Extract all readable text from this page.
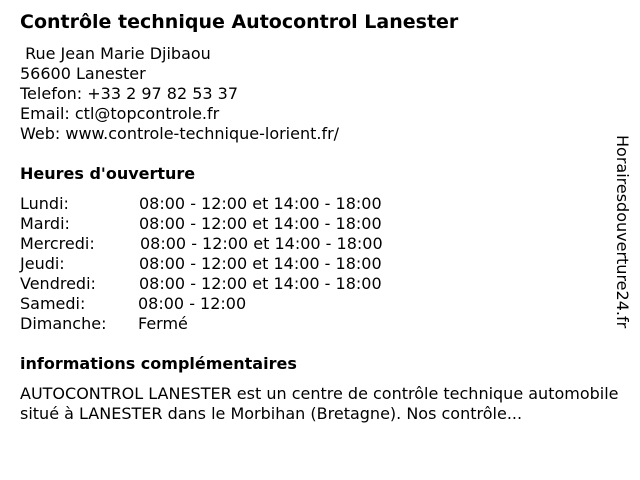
Contrôle technique Autocontrol Lanester
Rue Jean Marie Djibaou
56600 Lanester
Telefon: +33 2 97 82 53 37
Email: ctl@topcontrole.fr
Web: www.controle-technique-lorient.fr/
Heures d'ouverture
Lundi:	08:00 - 12:00 et 14:00 - 18:00
Mardi:	08:00 - 12:00 et 14:00 - 18:00
Mercredi:	08:00 - 12:00 et 14:00 - 18:00
Jeudi:	08:00 - 12:00 et 14:00 - 18:00
Vendredi:	08:00 - 12:00 et 14:00 - 18:00
Samedi:	08:00 - 12:00
Dimanche: Fermé
informations complémentaires
AUTOCONTROL LANESTER est un centre de contrôle technique automobile situé à LANESTER dans le Morbihan (Bretagne). Nos contrôle...
Horairesdouverture24.fr
